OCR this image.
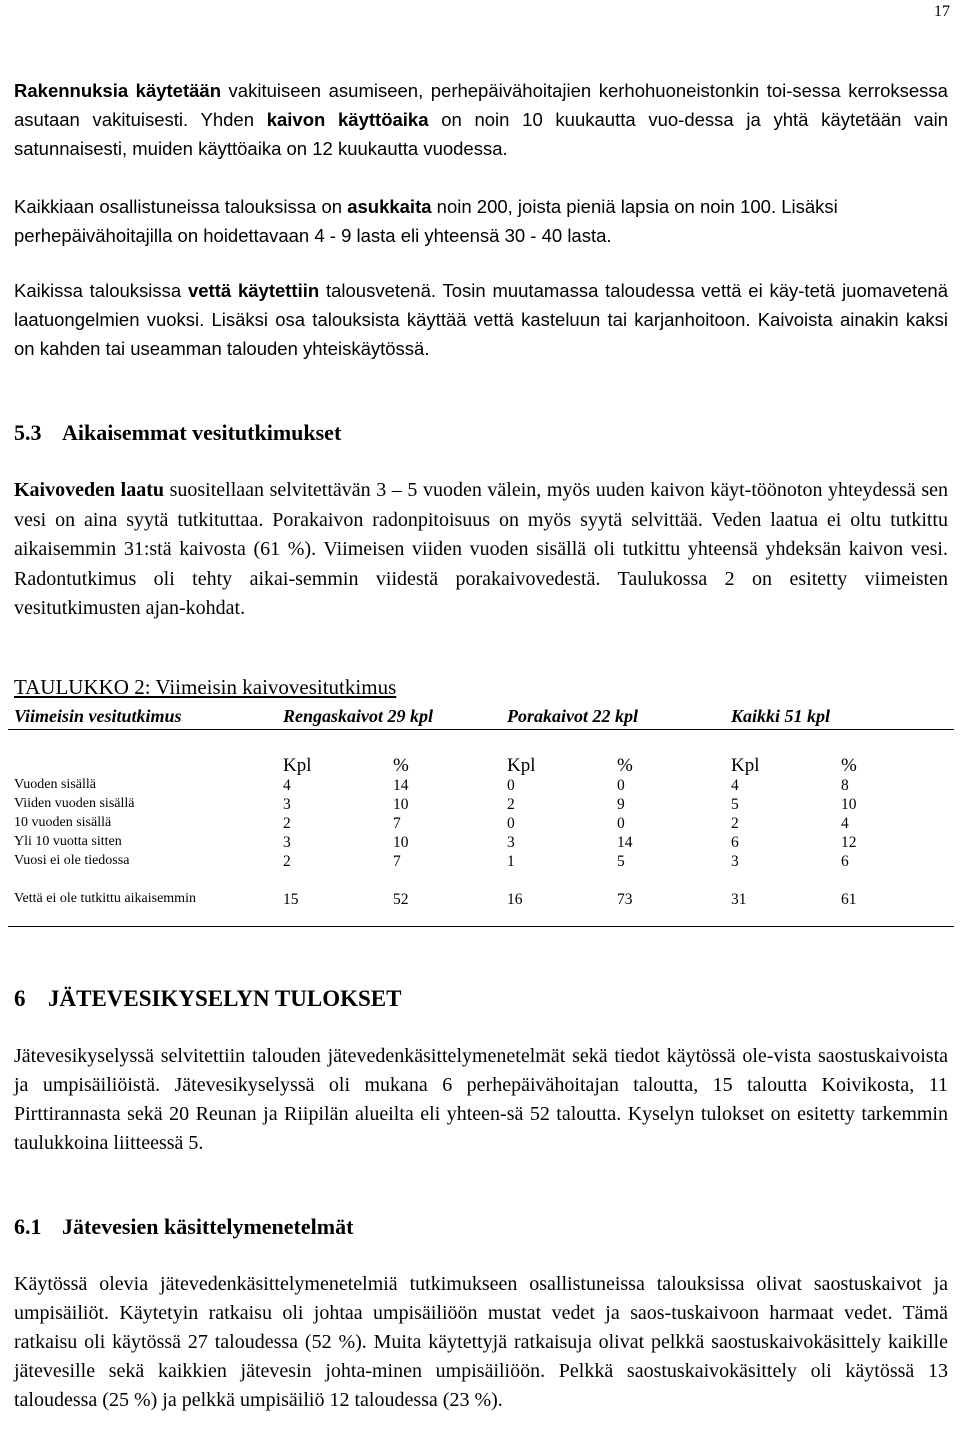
17

Rakennuksia käytetään vakituiseen asumiseen, perhepäivähoitajien kerhohuoneistonkin toi-sessa kerroksessa asutaan vakituisesti. Yhden kaivon käyttöaika on noin 10 kuukautta vuo-dessa ja yhtä käytetään vain satunnaisesti, muiden käyttöaika on 12 kuukautta vuodessa.

Kaikkiaan osallistuneissa talouksissa on asukkaita noin 200, joista pieniä lapsia on noin 100. Lisäksi perhepäivähoitajilla on hoidettavaan 4 - 9 lasta eli yhteensä 30 - 40 lasta.

Kaikissa talouksissa vettä käytettiin talousvetenä. Tosin muutamassa taloudessa vettä ei käy-tetä juomavetenä laatuongelmien vuoksi. Lisäksi osa talouksista käyttää vettä kasteluun tai karjanhoitoon. Kaivoista ainakin kaksi on kahden tai useamman talouden yhteiskäytössä.

5.3 Aikaisemmat vesitutkimukset

Kaivoveden laatu suositellaan selvitettävän 3 – 5 vuoden välein, myös uuden kaivon käyt-töönoton yhteydessä sen vesi on aina syytä tutkituttaa. Porakaivon radonpitoisuus on myös syytä selvittää. Veden laatua ei oltu tutkittu aikaisemmin 31:stä kaivosta (61 %). Viimeisen viiden vuoden sisällä oli tutkittu yhteensä yhdeksän kaivon vesi. Radontutkimus oli tehty aikai-semmin viidestä porakaivovedestä. Taulukossa 2 on esitetty viimeisten vesitutkimusten ajan-kohdat.

TAULUKKO 2: Viimeisin kaivovesitutkimus

Viimeisin vesitutkimus	Rengaskaivot 29 kpl	Porakaivot 22 kpl	Kaikki 51 kpl
Kpl	%	Kpl	%	Kpl	%
Vuoden sisällä	4	14	0	0	4	8
Viiden vuoden sisällä	3	10	2	9	5	10
10 vuoden sisällä	2	7	0	0	2	4
Yli 10 vuotta sitten	3	10	3	14	6	12
Vuosi ei ole tiedossa	2	7	1	5	3	6
Vettä ei ole tutkittu aikaisemmin	15	52	16	73	31	61
6 JÄTEVESIKYSELYN TULOKSET

Jätevesikyselyssä selvitettiin talouden jätevedenkäsittelymenetelmät sekä tiedot käytössä ole-vista saostuskaivoista ja umpisäiliöistä. Jätevesikyselyssä oli mukana 6 perhepäivähoitajan taloutta, 15 taloutta Koivikosta, 11 Pirttirannasta sekä 20 Reunan ja Riipilän alueilta eli yhteen-sä 52 taloutta. Kyselyn tulokset on esitetty tarkemmin taulukkoina liitteessä 5.

6.1 Jätevesien käsittelymenetelmät

Käytössä olevia jätevedenkäsittelymenetelmiä tutkimukseen osallistuneissa talouksissa olivat saostuskaivot ja umpisäiliöt. Käytetyin ratkaisu oli johtaa umpisäiliöön mustat vedet ja saos-tuskaivoon harmaat vedet. Tämä ratkaisu oli käytössä 27 taloudessa (52 %). Muita käytettyjä ratkaisuja olivat pelkkä saostuskaivokäsittely kaikille jätevesille sekä kaikkien jätevesin johta-minen umpisäiliöön. Pelkkä saostuskaivokäsittely oli käytössä 13 taloudessa (25 %) ja pelkkä umpisäiliö 12 taloudessa (23 %).
